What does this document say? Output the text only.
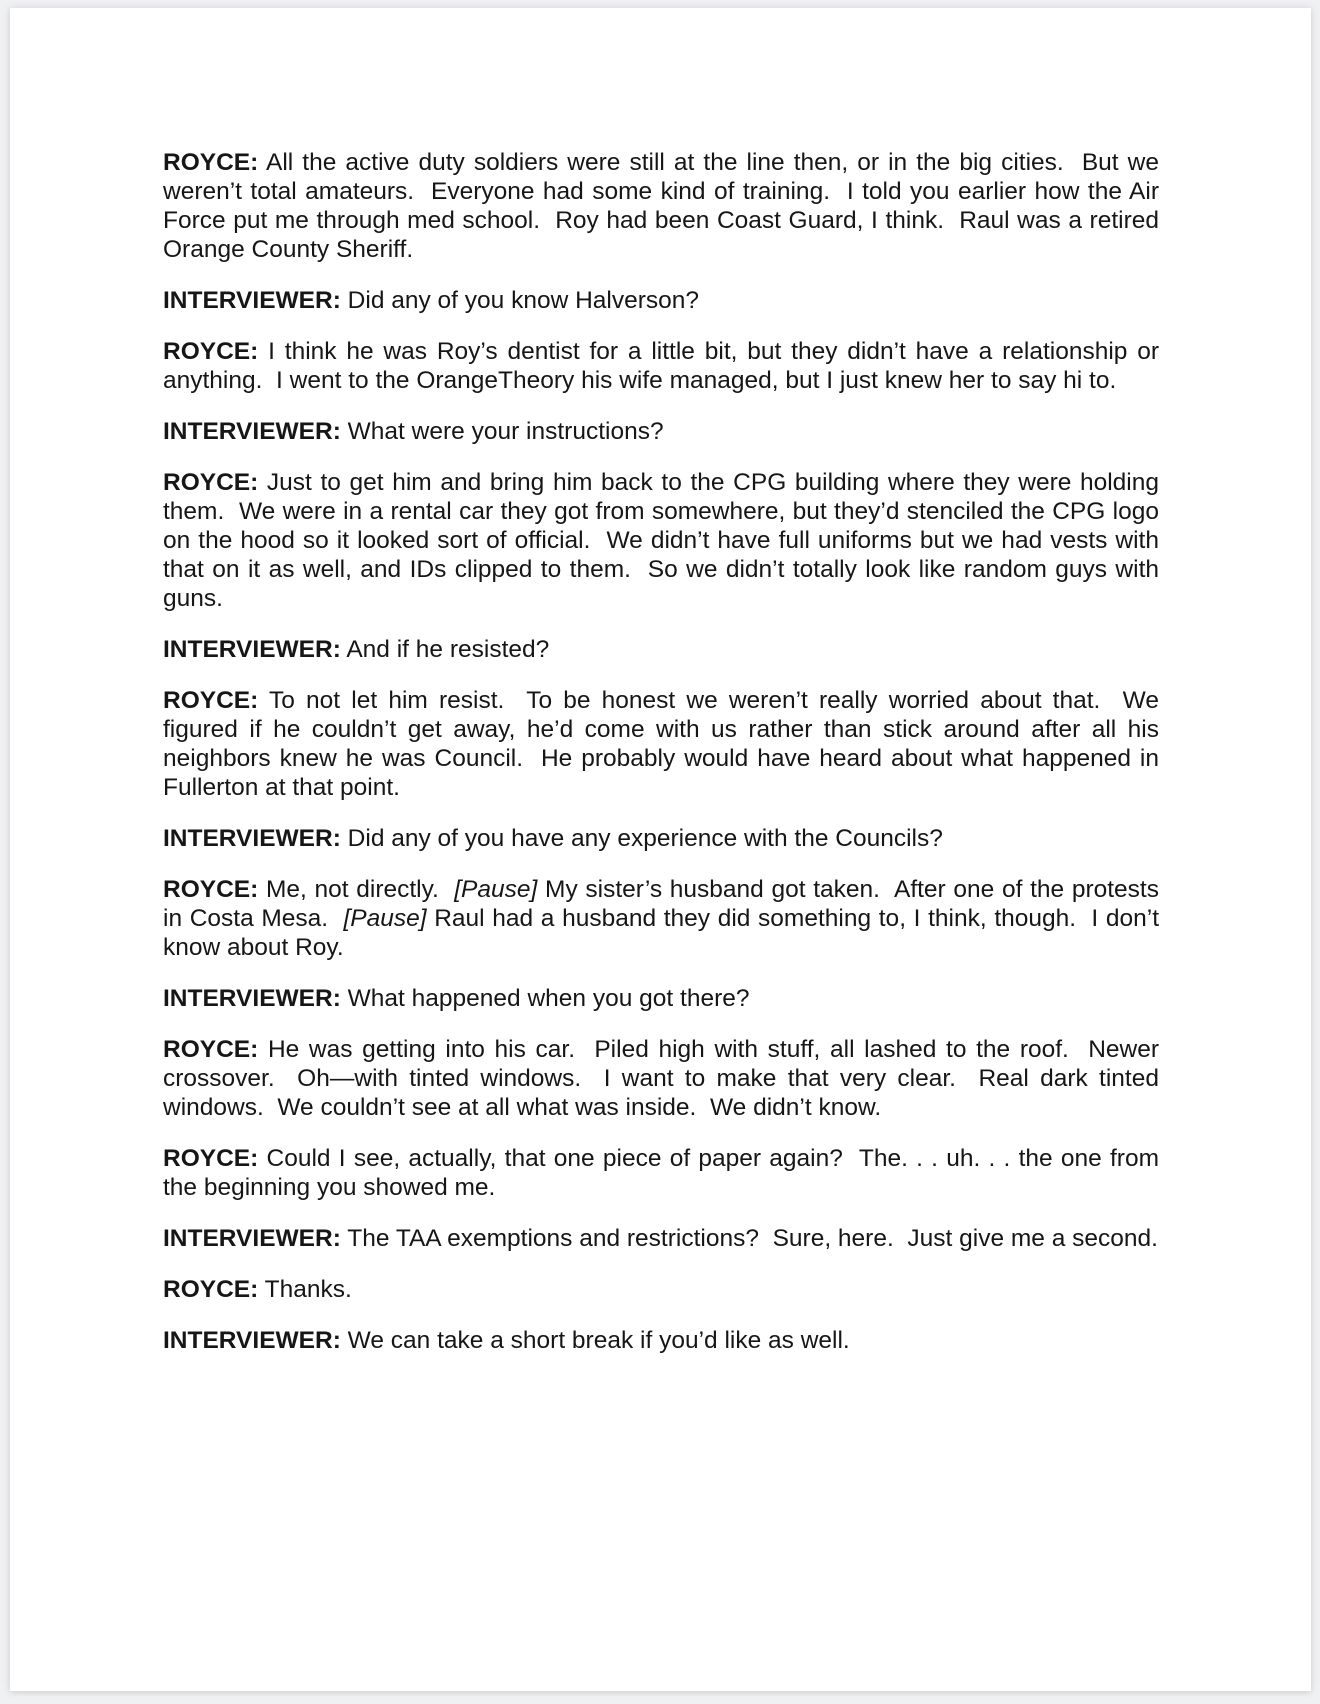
ROYCE: All the active duty soldiers were still at the line then, or in the big cities.  But we weren’t total amateurs.  Everyone had some kind of training.  I told you earlier how the Air Force put me through med school.  Roy had been Coast Guard, I think.  Raul was a retired Orange County Sheriff.

INTERVIEWER: Did any of you know Halverson?

ROYCE: I think he was Roy’s dentist for a little bit, but they didn’t have a relationship or anything.  I went to the OrangeTheory his wife managed, but I just knew her to say hi to.

INTERVIEWER: What were your instructions?

ROYCE: Just to get him and bring him back to the CPG building where they were holding them.  We were in a rental car they got from somewhere, but they’d stenciled the CPG logo on the hood so it looked sort of official.  We didn’t have full uniforms but we had vests with that on it as well, and IDs clipped to them.  So we didn’t totally look like random guys with guns.

INTERVIEWER: And if he resisted?

ROYCE: To not let him resist.  To be honest we weren’t really worried about that.  We figured if he couldn’t get away, he’d come with us rather than stick around after all his neighbors knew he was Council.  He probably would have heard about what happened in Fullerton at that point.

INTERVIEWER: Did any of you have any experience with the Councils?

ROYCE: Me, not directly.  [Pause] My sister’s husband got taken.  After one of the protests in Costa Mesa.  [Pause] Raul had a husband they did something to, I think, though.  I don’t know about Roy.

INTERVIEWER: What happened when you got there?

ROYCE: He was getting into his car.  Piled high with stuff, all lashed to the roof.  Newer crossover.  Oh—with tinted windows.  I want to make that very clear.  Real dark tinted windows.  We couldn’t see at all what was inside.  We didn’t know.

ROYCE: Could I see, actually, that one piece of paper again?  The. . . uh. . . the one from the beginning you showed me.

INTERVIEWER: The TAA exemptions and restrictions?  Sure, here.  Just give me a second.

ROYCE: Thanks.

INTERVIEWER: We can take a short break if you’d like as well.
